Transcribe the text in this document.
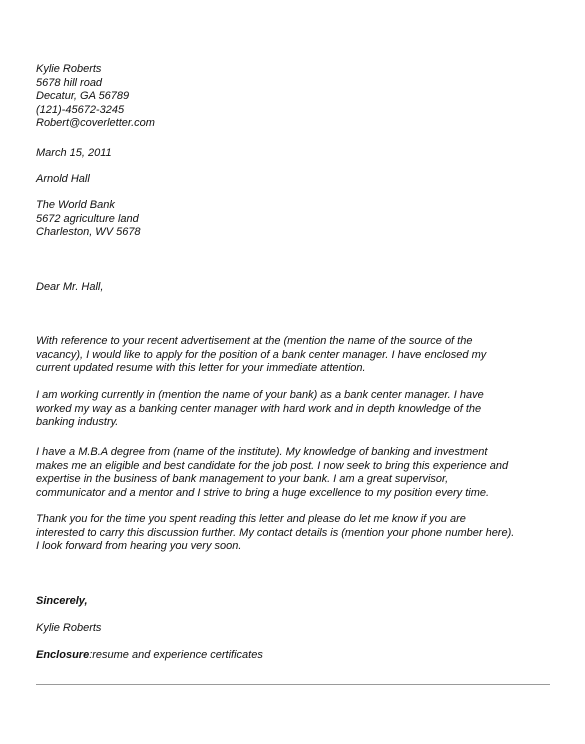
Kylie Roberts
5678 hill road
Decatur, GA 56789
(121)-45672-3245
Robert@coverletter.com
March 15, 2011
Arnold Hall
The World Bank
5672 agriculture land
Charleston, WV 5678
Dear Mr. Hall,
With reference to your recent advertisement at the (mention the name of the source of the
vacancy), I would like to apply for the position of a bank center manager. I have enclosed my
current updated resume with this letter for your immediate attention.
I am working currently in (mention the name of your bank) as a bank center manager. I have
worked my way as a banking center manager with hard work and in depth knowledge of the
banking industry.
I have a M.B.A degree from (name of the institute). My knowledge of banking and investment
makes me an eligible and best candidate for the job post. I now seek to bring this experience and
expertise in the business of bank management to your bank. I am a great supervisor,
communicator and a mentor and I strive to bring a huge excellence to my position every time.
Thank you for the time you spent reading this letter and please do let me know if you are
interested to carry this discussion further. My contact details is (mention your phone number here).
I look forward from hearing you very soon.
Sincerely,
Kylie Roberts
Enclosure:resume and experience certificates
